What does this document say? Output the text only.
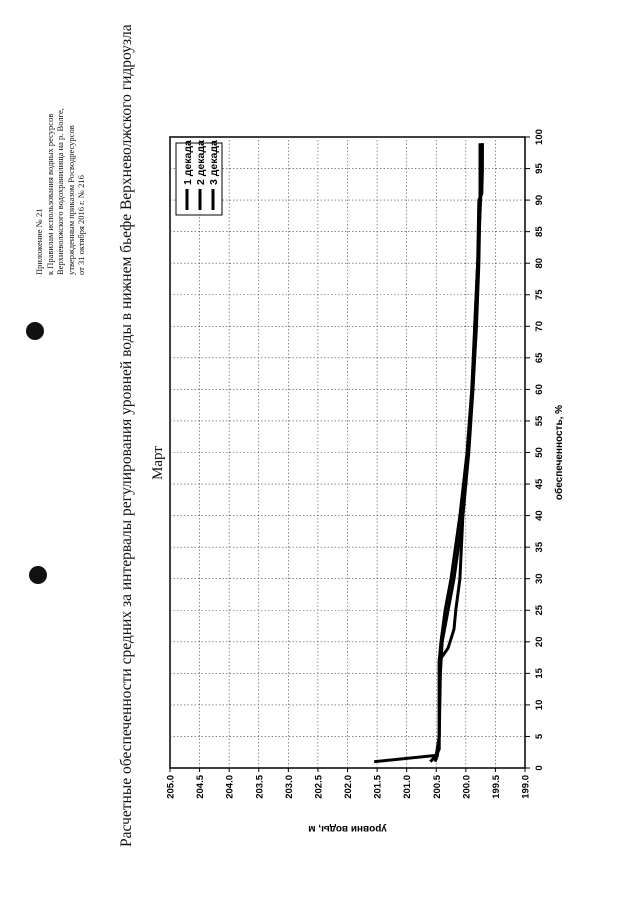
Приложение № 21 к Правилам использования водных ресурсов Верхневолжского водохранилища на р. Волге, утвержденным приказом Росводресурсов от 31 октября 2016 г. № 216 Расчетные обеспеченности средних за интервалы регулирования уровней воды в нижнем бьефе Верхневолжского гидроузла Март
0
5
10
15
20
25
30
35
40
45
50
55
60
65
70
75
80
85
90
95
100
205.0 204.5 204.0 203.5 203.0 202.5 202.0 201.5 201.0 200.5 200.0 199.5 199.0
обеспеченность, %
уровни воды, м
1 декада 2 декада 3 декада
